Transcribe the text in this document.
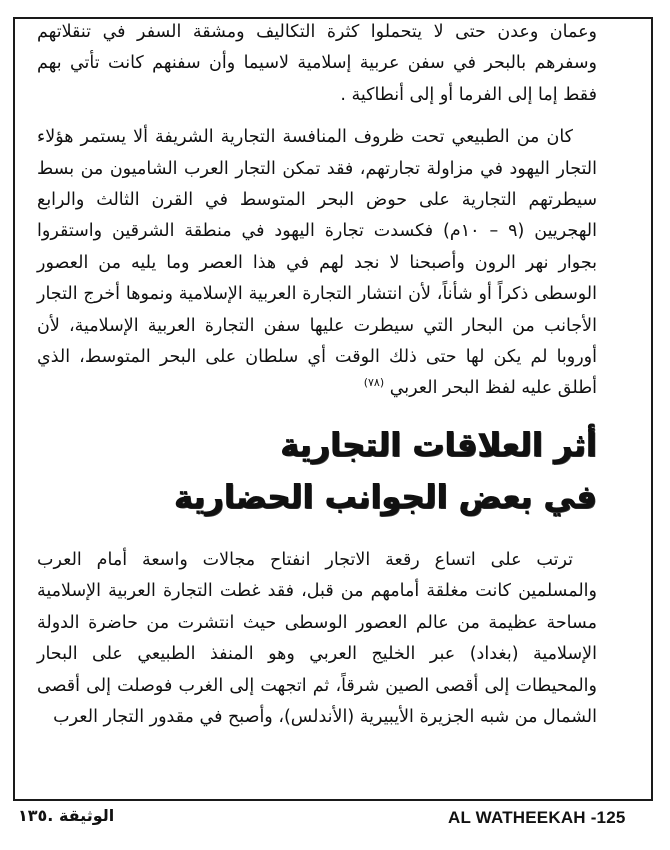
وعمان وعدن حتى لا يتحملوا كثرة التكاليف ومشقة السفر في تنقلاتهم وسفرهم بالبحر في سفن عربية إسلامية لاسيما وأن سفنهم كانت تأتي بهم فقط إما إلى الفرما أو إلى أنطاكية .

كان من الطبيعي تحت ظروف المنافسة التجارية الشريفة ألا يستمر هؤلاء التجار اليهود في مزاولة تجارتهم، فقد تمكن التجار العرب الشاميون من بسط سيطرتهم التجارية على حوض البحر المتوسط في القرن الثالث والرابع الهجريين (٩ – ١٠م) فكسدت تجارة اليهود في منطقة الشرقين واستقروا بجوار نهر الرون وأصبحنا لا نجد لهم في هذا العصر وما يليه من العصور الوسطى ذكراً أو شأناً، لأن انتشار التجارة العربية الإسلامية ونموها أخرج التجار الأجانب من البحار التي سيطرت عليها سفن التجارة العربية الإسلامية، لأن أوروبا لم يكن لها حتى ذلك الوقت أي سلطان على البحر المتوسط، الذي أطلق عليه لفظ البحر العربي $^{(٧٨)}$

أثر العلاقات التجارية
في بعض الجوانب الحضارية

ترتب على اتساع رقعة الاتجار انفتاح مجالات واسعة أمام العرب والمسلمين كانت مغلقة أمامهم من قبل، فقد غطت التجارة العربية الإسلامية مساحة عظيمة من عالم العصور الوسطى حيث انتشرت من حاضرة الدولة الإسلامية (بغداد) عبر الخليج العربي وهو المنفذ الطبيعي على البحار والمحيطات إلى أقصى الصين شرقاً، ثم اتجهت إلى الغرب فوصلت إلى أقصى الشمال من شبه الجزيرة الأيبيرية (الأندلس)، وأصبح في مقدور التجار العرب

AL WATHEEKAH -125
الوثيقة .١٣٥
